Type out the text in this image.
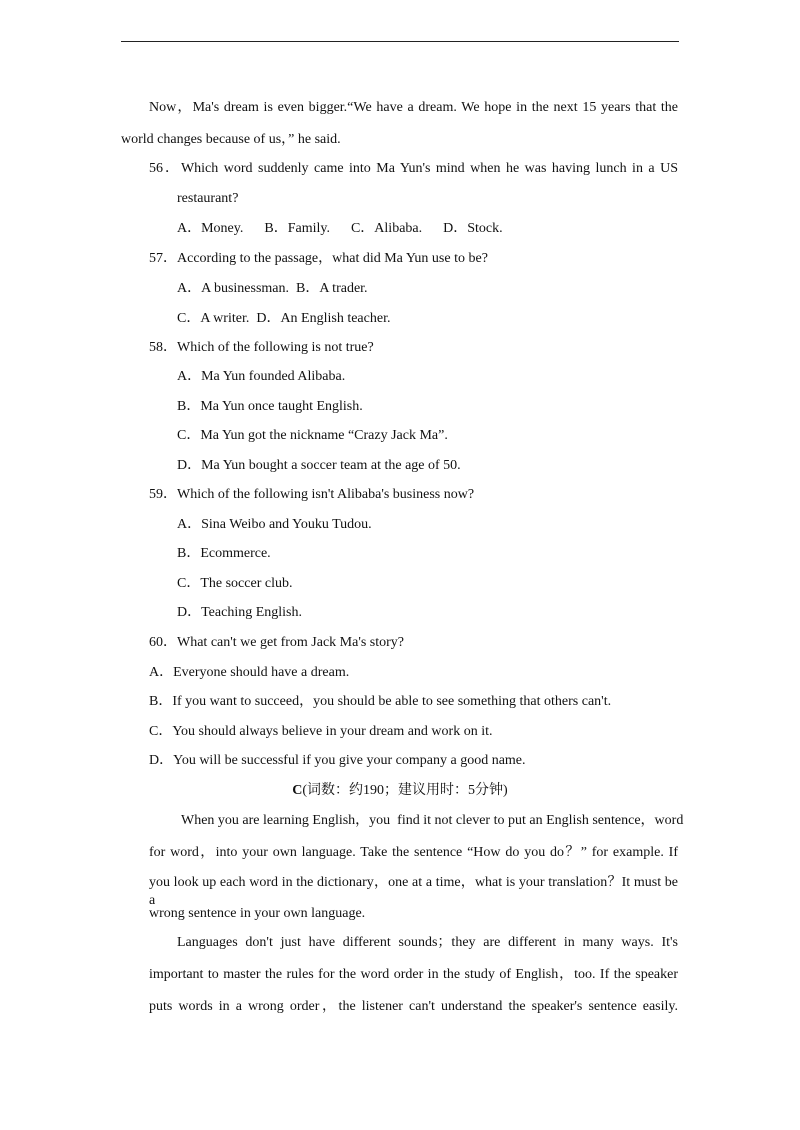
Now，Ma's dream is even bigger.“We have a dream. We hope in the next 15 years that the
world changes because of us，” he said.
56．Which word suddenly came into Ma Yun's mind when he was having lunch in a US
restaurant?
A．Money.      B．Family.      C．Alibaba.      D．Stock.
57．According to the passage，what did Ma Yun use to be?
A．A businessman.  B．A trader.
C．A writer.  D．An English teacher.
58．Which of the following is not true?
A．Ma Yun founded Alibaba.
B．Ma Yun once taught English.
C．Ma Yun got the nickname “Crazy Jack Ma”.
D．Ma Yun bought a soccer team at the age of 50.
59．Which of the following isn't Alibaba's business now?
A．Sina Weibo and Youku Tudou.
B．Ecommerce.
C．The soccer club.
D．Teaching English.
60．What can't we get from Jack Ma's story?
A．Everyone should have a dream.
B．If you want to succeed，you should be able to see something that others can't.
C．You should always believe in your dream and work on it.
D．You will be successful if you give your company a good name.
C(词数：约190；建议用时：5分钟)
When you are learning English，you  find it not clever to put an English sentence，word
for word，into your own language. Take the sentence “How do you do？” for example. If
you look up each word in the dictionary，one at a time，what is your translation？It must be a
wrong sentence in your own language.
Languages don't just have different sounds；they are different in many ways. It's
important to master the rules for the word order in the study of English，too. If the speaker
puts words in a wrong order，the listener can't understand the speaker's sentence easily.
